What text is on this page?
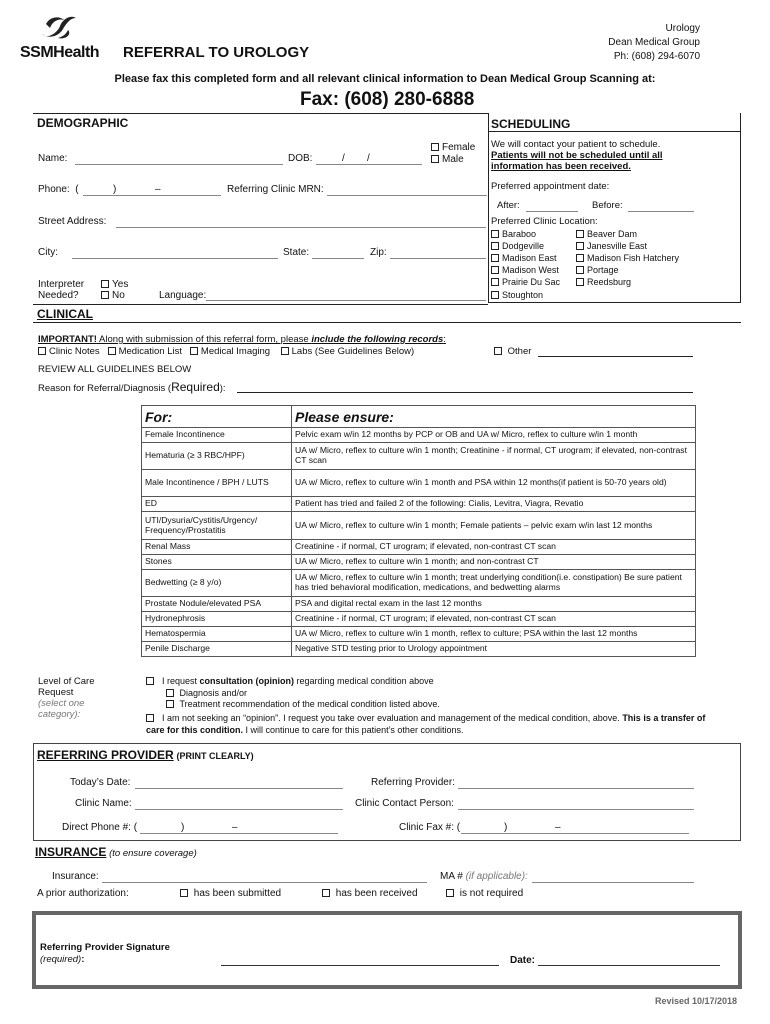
SSMHealth REFERRAL TO UROLOGY
Urology
Dean Medical Group
Ph: (608) 294-6070
Please fax this completed form and all relevant clinical information to Dean Medical Group Scanning at:
Fax: (608) 280-6888
DEMOGRAPHIC
Name:	DOB:	/        /
Female
Male
Phone:  (	)	–	Referring Clinic MRN:
Street Address:
City:	State:	Zip:
Interpreter
Needed?
Yes
No	Language:
SCHEDULING
We will contact your patient to schedule.
Patients will not be scheduled until all information has been received.
Preferred appointment date:
After:	Before:
Preferred Clinic Location:
Baraboo
Dodgeville
Madison East
Madison West
Prairie Du Sac
Stoughton
Beaver Dam
Janesville East
Madison Fish Hatchery
Portage
Reedsburg
CLINICAL
IMPORTANT! Along with submission of this referral form, please include the following records:
Clinic Notes Medication List Medical Imaging Labs (See Guidelines Below)	Other
REVIEW ALL GUIDELINES BELOW
Reason for Referral/Diagnosis (Required):
For:	Please ensure:
Female Incontinence	Pelvic exam w/in 12 months by PCP or OB and UA w/ Micro, reflex to culture w/in 1 month
Hematuria (≥ 3 RBC/HPF)	UA w/ Micro, reflex to culture w/in 1 month; Creatinine - if normal, CT urogram; if elevated, non-contrast CT scan
Male Incontinence / BPH / LUTS	UA w/ Micro, reflex to culture w/in 1 month and PSA within 12 months(if patient is 50-70 years old)
ED	Patient has tried and failed 2 of the following: Cialis, Levitra, Viagra, Revatio
UTI/Dysuria/Cystitis/Urgency/ Frequency/Prostatitis	UA w/ Micro, reflex to culture w/in 1 month; Female patients – pelvic exam w/in last 12 months
Renal Mass	Creatinine - if normal, CT urogram; if elevated, non-contrast CT scan
Stones	UA w/ Micro, reflex to culture w/in 1 month; and non-contrast CT
Bedwetting (≥ 8 y/o)	UA w/ Micro, reflex to culture w/in 1 month; treat underlying condition(i.e. constipation) Be sure patient has tried behavioral modification, medications, and bedwetting alarms
Prostate Nodule/elevated PSA	PSA and digital rectal exam in the last 12 months
Hydronephrosis	Creatinine - if normal, CT urogram; if elevated, non-contrast CT scan
Hematospermia	UA w/ Micro, reflex to culture w/in 1 month, reflex to culture; PSA within the last 12 months
Penile Discharge	Negative STD testing prior to Urology appointment
Level of Care Request
(select one category):
I request consultation (opinion) regarding medical condition above
Diagnosis and/or
Treatment recommendation of the medical condition listed above.
I am not seeking an “opinion”. I request you take over evaluation and management of the medical condition, above. This is a transfer of care for this condition. I will continue to care for this patient’s other conditions.
REFERRING PROVIDER (PRINT CLEARLY)
Today’s Date:	Referring Provider:
Clinic Name:	Clinic Contact Person:
Direct Phone #: (	)	–	Clinic Fax #: (	)	–
INSURANCE (to ensure coverage)
Insurance:	MA # (if applicable):
A prior authorization:	has been submitted	has been received	is not required
Referring Provider Signature
(required):	Date:
Revised 10/17/2018
